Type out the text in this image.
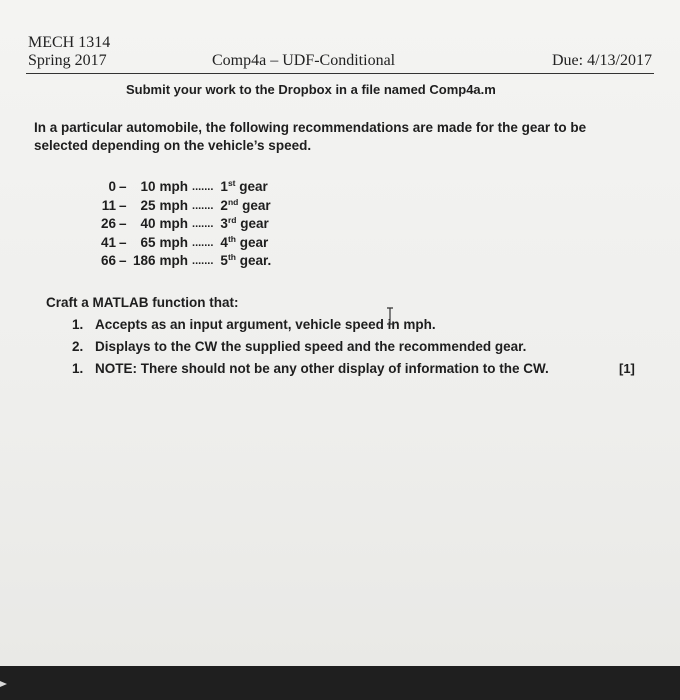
MECH 1314
Spring 2017	Comp4a – UDF-Conditional	Due: 4/13/2017
Submit your work to the Dropbox in a file named Comp4a.m
In a particular automobile, the following recommendations are made for the gear to be
selected depending on the vehicle’s speed.
0	–	10	mph	.......	1st gear
11	–	25	mph	.......	2nd gear
26	–	40	mph	.......	3rd gear
41	–	65	mph	.......	4th gear
66	–	186	mph	.......	5th gear.
Craft a MATLAB function that:
1. Accepts as an input argument, vehicle speed in mph.
2. Displays to the CW the supplied speed and the recommended gear.
1. NOTE: There should not be any other display of information to the CW.	[1]
